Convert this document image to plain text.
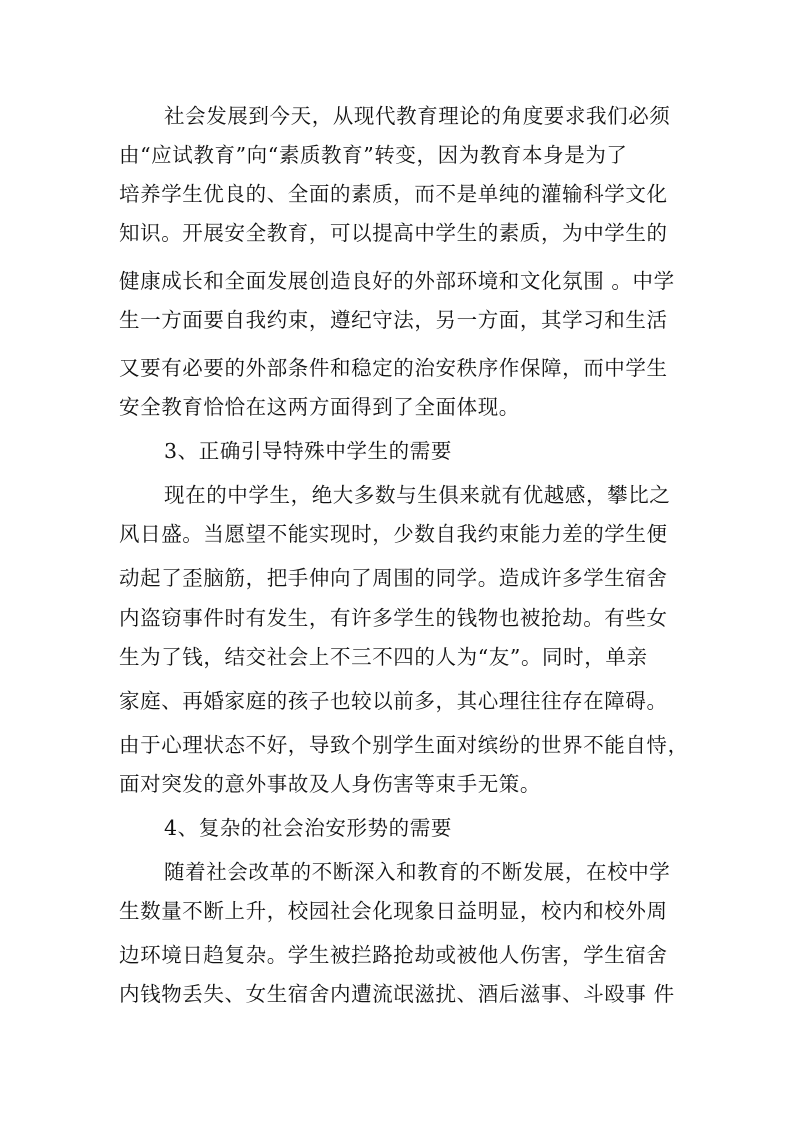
社会发展到今天，从现代教育理论的角度要求我们必须
由“应试教育”向“素质教育”转变，因为教育本身是为了
培养学生优良的、全面的素质，而不是单纯的灌输科学文化
知识。开展安全教育，可以提高中学生的素质，为中学生的
健康成长和全面发展创造良好的外部环境和文化氛围 。中学
生一方面要自我约束，遵纪守法，另一方面，其学习和生活
又要有必要的外部条件和稳定的治安秩序作保障，而中学生
安全教育恰恰在这两方面得到了全面体现。
3、正确引导特殊中学生的需要
现在的中学生，绝大多数与生俱来就有优越感，攀比之
风日盛。当愿望不能实现时，少数自我约束能力差的学生便
动起了歪脑筋，把手伸向了周围的同学。造成许多学生宿舍
内盗窃事件时有发生，有许多学生的钱物也被抢劫。有些女
生为了钱，结交社会上不三不四的人为“友”。同时，单亲
家庭、再婚家庭的孩子也较以前多，其心理往往存在障碍。
由于心理状态不好，导致个别学生面对缤纷的世界不能自恃，
面对突发的意外事故及人身伤害等束手无策。
4、复杂的社会治安形势的需要
随着社会改革的不断深入和教育的不断发展，在校中学
生数量不断上升，校园社会化现象日益明显，校内和校外周
边环境日趋复杂。学生被拦路抢劫或被他人伤害，学生宿舍
内钱物丢失、女生宿舍内遭流氓滋扰、酒后滋事、斗殴事 件
